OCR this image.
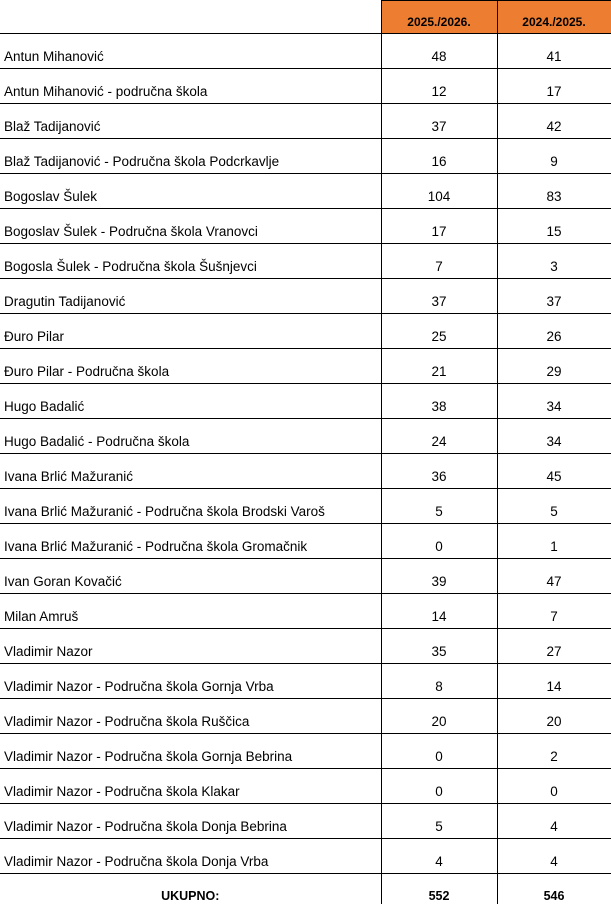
	2025./2026.	2024./2025.
Antun Mihanović	48	41
Antun Mihanović - područna škola	12	17
Blaž Tadijanović	37	42
Blaž Tadijanović - Područna škola Podcrkavlje	16	9
Bogoslav Šulek	104	83
Bogoslav Šulek - Područna škola Vranovci	17	15
Bogosla Šulek - Područna škola Šušnjevci	7	3
Dragutin Tadijanović	37	37
Đuro Pilar	25	26
Đuro Pilar - Područna škola	21	29
Hugo Badalić	38	34
Hugo Badalić - Područna škola	24	34
Ivana Brlić Mažuranić	36	45
Ivana Brlić Mažuranić - Područna škola Brodski Varoš	5	5
Ivana Brlić Mažuranić - Područna škola Gromačnik	0	1
Ivan Goran Kovačić	39	47
Milan Amruš	14	7
Vladimir Nazor	35	27
Vladimir Nazor - Područna škola Gornja Vrba	8	14
Vladimir Nazor - Područna škola Ruščica	20	20
Vladimir Nazor - Područna škola Gornja Bebrina	0	2
Vladimir Nazor - Područna škola Klakar	0	0
Vladimir Nazor - Područna škola Donja Bebrina	5	4
Vladimir Nazor - Područna škola Donja Vrba	4	4
UKUPNO:	552	546
